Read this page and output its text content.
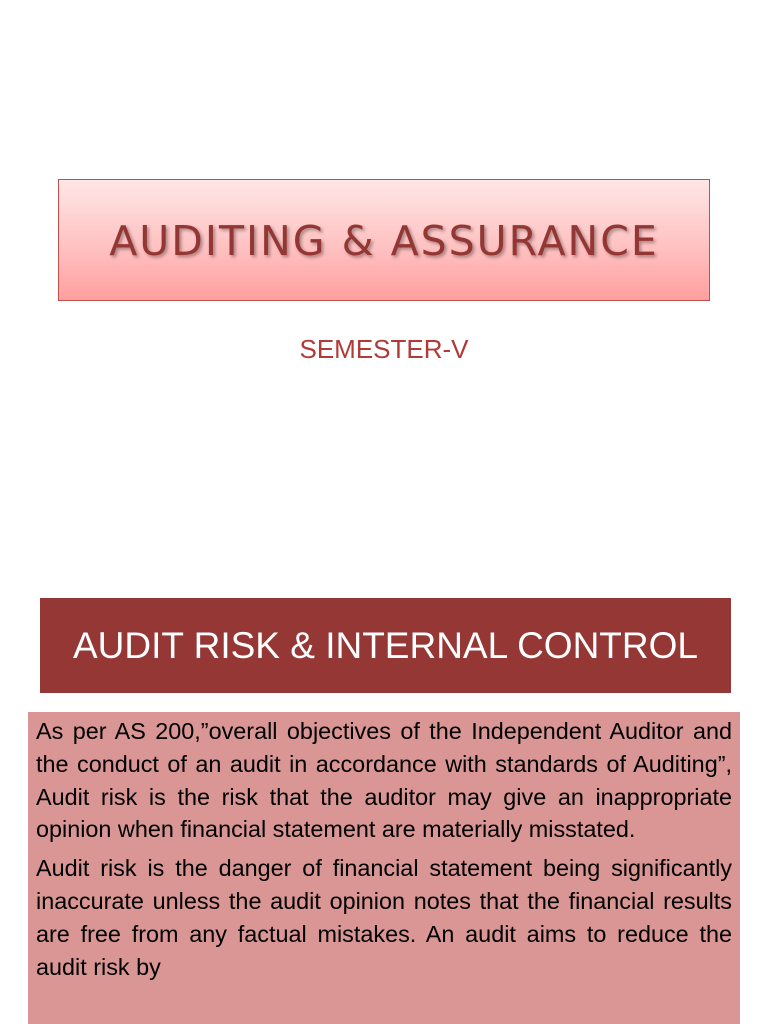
AUDITING & ASSURANCE
SEMESTER-V
AUDIT RISK & INTERNAL CONTROL

As per AS 200,”overall objectives of the Independent Auditor and the conduct of an audit in accordance with standards of Auditing”, Audit risk is the risk that the auditor may give an inappropriate opinion when financial statement are materially misstated.

Audit risk is the danger of financial statement being significantly inaccurate unless the audit opinion notes that the financial results are free from any factual mistakes. An audit aims to reduce the audit risk by
